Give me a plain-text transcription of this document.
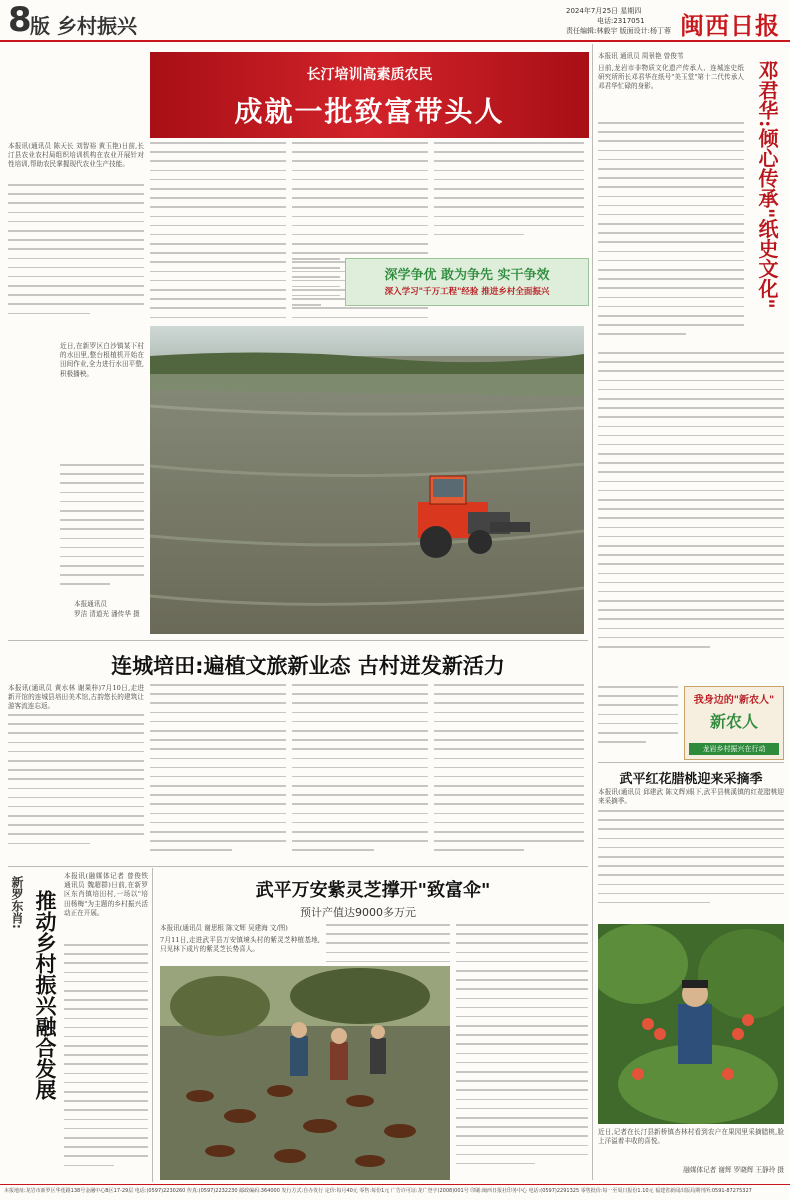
8
版 乡村振兴
2024年7月25日 星期四
电话:2317051
责任编辑:林毅宇 版面设计:杨丁蓉 闽西日报
长汀培训高素质农民
成就一批致富带头人
本报讯(通讯员 陈天长 刘智裕 黄玉艳)日前,长汀县农业农村局组织培训机构在农业开展针对性培训,帮助农民掌握现代农业生产技能。
深学争优 敢为争先 实干争效
深入学习"千万工程"经验 推进乡村全面振兴
近日,在新罗区白沙镇某下村的水田里,整台根植机开始在田间作业,全力进行水田平整,积极播秧。
本报通讯员
罗洁 清道光 潘传华 摄
连城培田:遍植文旅新业态 古村迸发新活力
本报讯(通讯员 黄水林 谢果梓)7月10日,走进新开馆的连城县培田美术馆,古韵悠长的建筑让游客流连忘返。
新罗东肖: 推动乡村振兴融合发展
本报讯(融媒体记者 曾俊铁 通讯员 魏超群)日前,在新罗区东肖镇培田村,一场以"培田杨梅"为主题的乡村振兴活动正在开展。
武平万安紫灵芝撑开"致富伞"
预计产值达9000多万元
本报讯(通讯员 谢思根 陈文辉 吴建海 文/图)
7月11日,走进武平县万安镇境头村的紫灵芝种植基地,只见林下成片的紫灵芝长势喜人。
本报讯 通讯员 周景艳 曾俊苇
日前,龙岩市非物质文化遗产传承人、连城连史纸研究所所长邓君华在纸号"美玉堂"第十二代传承人邓君华忙碌的身影。	邓君华:
倾心传承"纸史文化"
我身边的"新农人"
新农人
龙岩乡村振兴在行动
武平红花腊桃迎来采摘季
本报讯(通讯员 邱建武 陈文辉)眼下,武平县桃溪镇的红花腊桃迎来采摘季。
近日,记者在长汀县新桥镇杏林村看到农户在果园里采摘腊桃,脸上洋溢着丰收的喜悦。
融媒体记者 谢辉 罗晓辉 王静玲 摄
本报地址:龙岩市新罗区华莲路138号金融中心B区17-29层 电话:(0597)2230260 传真:(0597)2232230 邮政编码:364000 发行方式:自办发行 定价:每月40元 零售:每份1元 广告许可证:龙广登字(2008)001号 印刷:闽西日报社印务中心 电话:(0597)2291325 零售批价:每一至周日报份1.10元 福建省新闻出版局期刊所:0591-87275327
